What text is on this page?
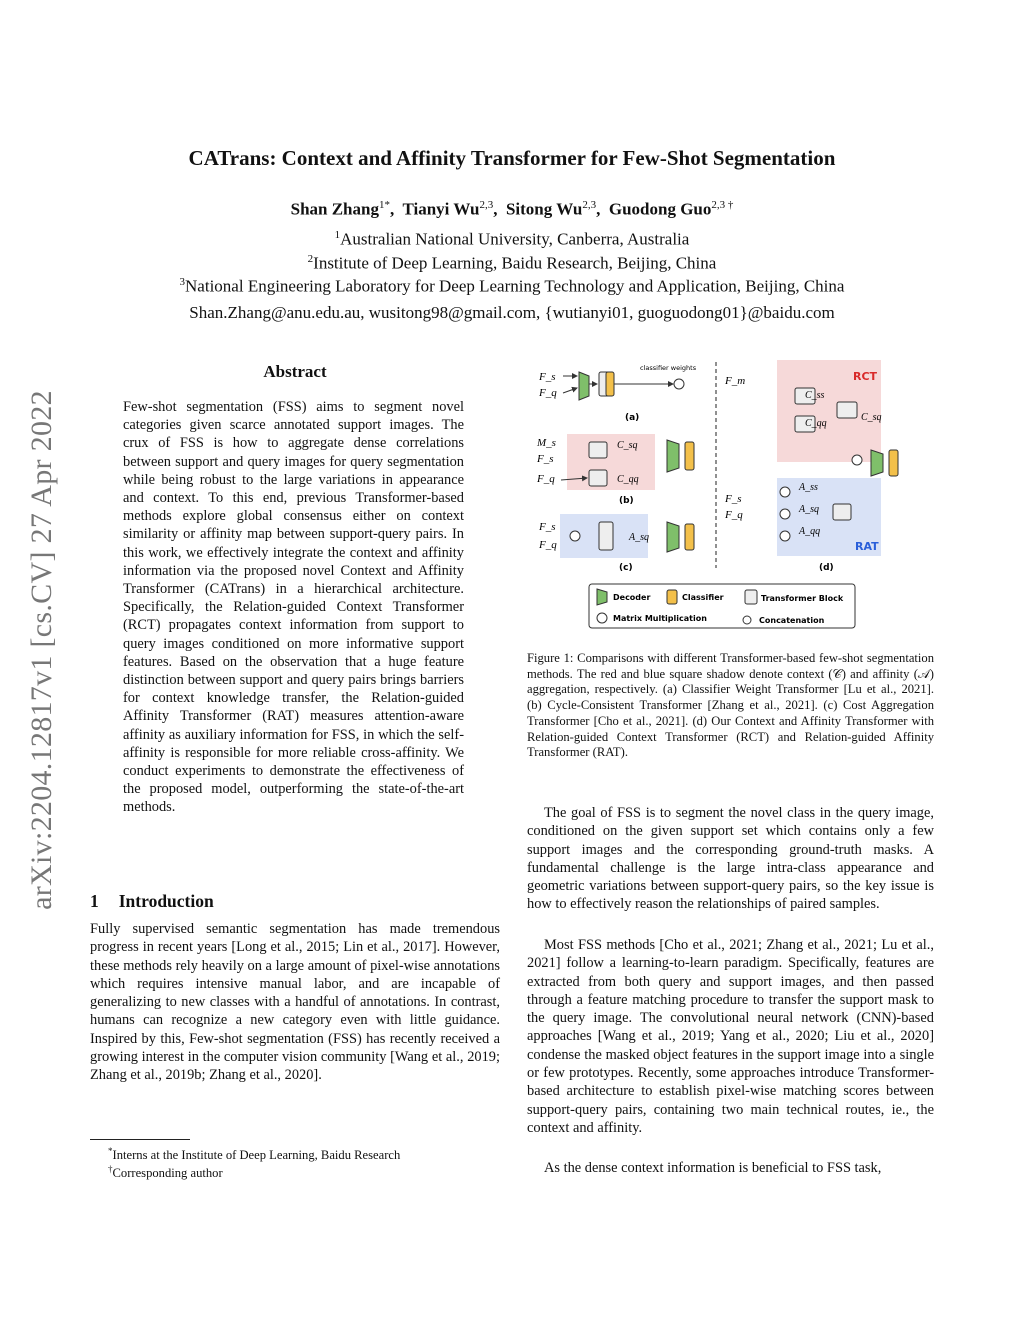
arXiv:2204.12817v1 [cs.CV] 27 Apr 2022
CATrans: Context and Affinity Transformer for Few-Shot Segmentation
Shan Zhang$^{1*}$,  Tianyi Wu$^{2,3}$,  Sitong Wu$^{2,3}$,  Guodong Guo$^{2,3 \dagger}$
$^1$Australian National University, Canberra, Australia
$^2$Institute of Deep Learning, Baidu Research, Beijing, China
$^3$National Engineering Laboratory for Deep Learning Technology and Application, Beijing, China
Shan.Zhang@anu.edu.au, wusitong98@gmail.com, {wutianyi01, guoguodong01}@baidu.com
Abstract
Few-shot segmentation (FSS) aims to segment novel categories given scarce annotated support images. The crux of FSS is how to aggregate dense correlations between support and query images for query segmentation while being robust to the large variations in appearance and context. To this end, previous Transformer-based methods explore global consensus either on context similarity or affinity map between support-query pairs. In this work, we effectively integrate the context and affinity information via the proposed novel Context and Affinity Transformer (CATrans) in a hierarchical architecture. Specifically, the Relation-guided Context Transformer (RCT) propagates context information from support to query images conditioned on more informative support features. Based on the observation that a huge feature distinction between support and query pairs brings barriers for context knowledge transfer, the Relation-guided Affinity Transformer (RAT) measures attention-aware affinity as auxiliary information for FSS, in which the self-affinity is responsible for more reliable cross-affinity. We conduct experiments to demonstrate the effectiveness of the proposed model, outperforming the state-of-the-art methods.
1 Introduction

Fully supervised semantic segmentation has made tremendous progress in recent years [Long et al., 2015; Lin et al., 2017]. However, these methods rely heavily on a large amount of pixel-wise annotations which requires intensive manual labor, and are incapable of generalizing to new classes with a handful of annotations. In contrast, humans can recognize a new category even with little guidance. Inspired by this, Few-shot segmentation (FSS) has recently received a growing interest in the computer vision community [Wang et al., 2019; Zhang et al., 2019b; Zhang et al., 2020].

*Interns at the Institute of Deep Learning, Baidu Research
†Corresponding author
F_s
F_q
classifier weights
(a)
M_s
F_s
F_q
C_sq
C_qq
(b)
F_s
F_q
A_sq
(c)
F_m	RCT
C_ss
C_qq
C_sq
F_s
F_q
A_ss
A_sq
A_qq
RAT
(d)
Decoder	Classifier	Transformer Block
Matrix Multiplication	Concatenation
Figure 1: Comparisons with different Transformer-based few-shot segmentation methods. The red and blue square shadow denote context (𝒞) and affinity (𝒜) aggregation, respectively. (a) Classifier Weight Transformer [Lu et al., 2021]. (b) Cycle-Consistent Transformer [Zhang et al., 2021]. (c) Cost Aggregation Transformer [Cho et al., 2021]. (d) Our Context and Affinity Transformer with Relation-guided Context Transformer (RCT) and Relation-guided Affinity Transformer (RAT).

The goal of FSS is to segment the novel class in the query image, conditioned on the given support set which contains only a few support images and the corresponding ground-truth masks. A fundamental challenge is the large intra-class appearance and geometric variations between support-query pairs, so the key issue is how to effectively reason the relationships of paired samples.

Most FSS methods [Cho et al., 2021; Zhang et al., 2021; Lu et al., 2021] follow a learning-to-learn paradigm. Specifically, features are extracted from both query and support images, and then passed through a feature matching procedure to transfer the support mask to the query image. The convolutional neural network (CNN)-based approaches [Wang et al., 2019; Yang et al., 2020; Liu et al., 2020] condense the masked object features in the support image into a single or few prototypes. Recently, some approaches introduce Transformer-based architecture to establish pixel-wise matching scores between support-query pairs, containing two main technical routes, ie., the context and affinity.

As the dense context information is beneficial to FSS task,
